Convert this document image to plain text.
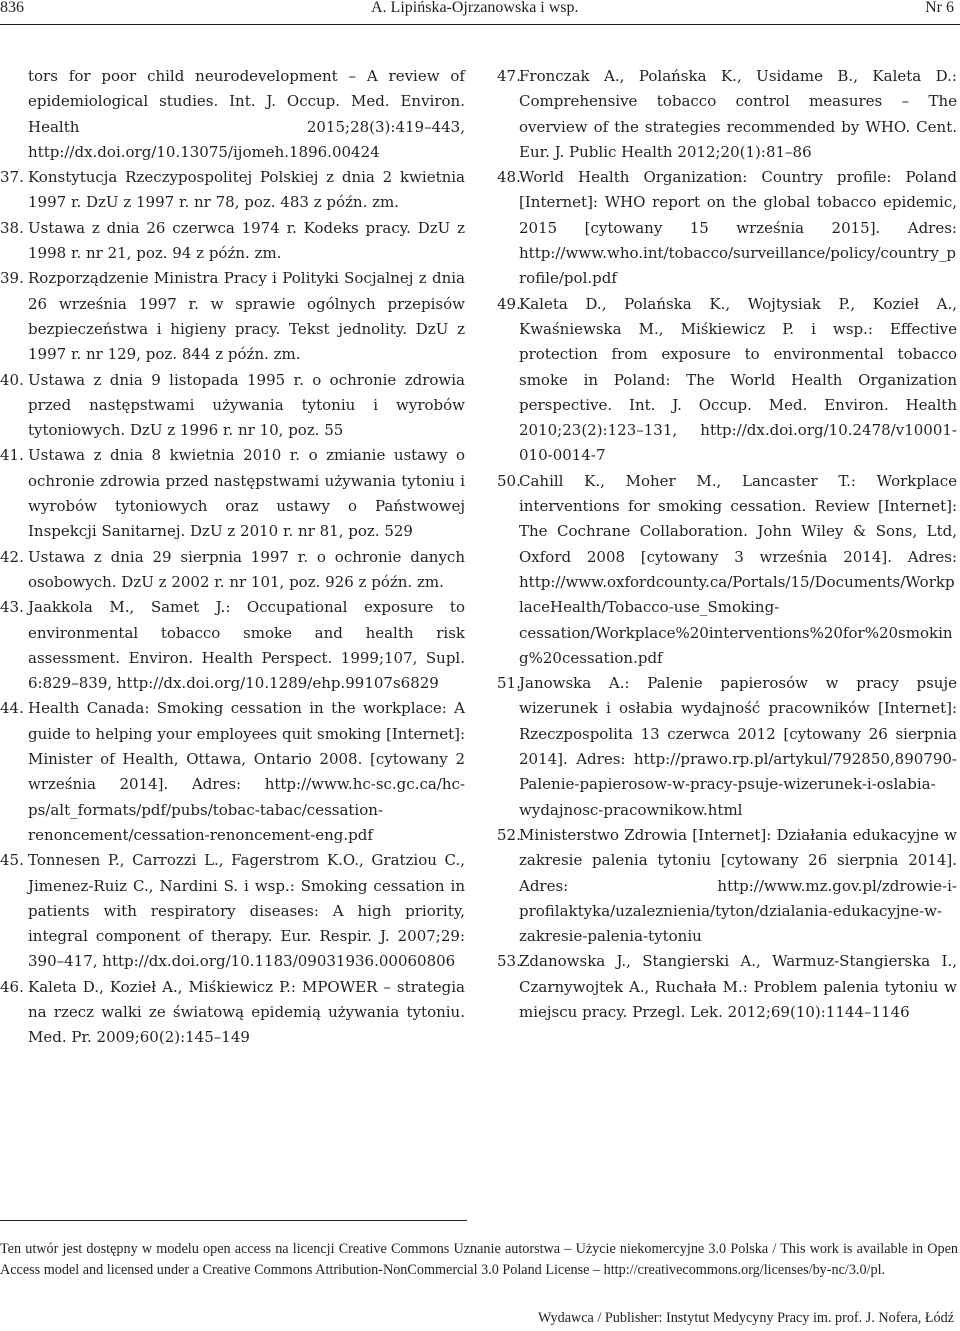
836	A. Lipińska-Ojrzanowska i wsp.	Nr 6

tors for poor child neurodevelopment – A review of epidemiological studies. Int. J. Occup. Med. Environ. Health 2015;28(3):419–443, http://dx.doi.org/10.13075/ijomeh.1896.00424

37. Konstytucja Rzeczypospolitej Polskiej z dnia 2 kwietnia 1997 r. DzU z 1997 r. nr 78, poz. 483 z późn. zm.

38. Ustawa z dnia 26 czerwca 1974 r. Kodeks pracy. DzU z 1998 r. nr 21, poz. 94 z późn. zm.

39. Rozporządzenie Ministra Pracy i Polityki Socjalnej z dnia 26 września 1997 r. w sprawie ogólnych przepisów bezpieczeństwa i higieny pracy. Tekst jednolity. DzU z 1997 r. nr 129, poz. 844 z późn. zm.

40. Ustawa z dnia 9 listopada 1995 r. o ochronie zdrowia przed następstwami używania tytoniu i wyrobów tytoniowych. DzU z 1996 r. nr 10, poz. 55

41. Ustawa z dnia 8 kwietnia 2010 r. o zmianie ustawy o ochronie zdrowia przed następstwami używania tytoniu i wyrobów tytoniowych oraz ustawy o Państwowej Inspekcji Sanitarnej. DzU z 2010 r. nr 81, poz. 529

42. Ustawa z dnia 29 sierpnia 1997 r. o ochronie danych osobowych. DzU z 2002 r. nr 101, poz. 926 z późn. zm.

43. Jaakkola M., Samet J.: Occupational exposure to environmental tobacco smoke and health risk assessment. Environ. Health Perspect. 1999;107, Supl. 6:829–839, http://dx.doi.org/10.1289/ehp.99107s6829

44. Health Canada: Smoking cessation in the workplace: A guide to helping your employees quit smoking [Internet]: Minister of Health, Ottawa, Ontario 2008. [cytowany 2 września 2014]. Adres: http://www.hc-sc.gc.ca/hc-ps/alt_formats/pdf/pubs/tobac-tabac/cessation-renoncement/cessation-renoncement-eng.pdf

45. Tonnesen P., Carrozzi L., Fagerstrom K.O., Gratziou C., Jimenez-Ruiz C., Nardini S. i wsp.: Smoking cessation in patients with respiratory diseases: A high priority, integral component of therapy. Eur. Respir. J. 2007;29: 390–417, http://dx.doi.org/10.1183/09031936.00060806

46. Kaleta D., Kozieł A., Miśkiewicz P.: MPOWER – strategia na rzecz walki ze światową epidemią używania tytoniu. Med. Pr. 2009;60(2):145–149

47.
Fronczak A., Polańska K., Usidame B., Kaleta D.: Comprehensive tobacco control measures – The overview of the strategies recommended by WHO. Cent. Eur. J. Public Health 2012;20(1):81–86

48.
World Health Organization: Country profile: Poland [Internet]: WHO report on the global tobacco epidemic, 2015 [cytowany 15 września 2015]. Adres: http://www.who.int/tobacco/surveillance/policy/country_profile/pol.pdf

49.
Kaleta D., Polańska K., Wojtysiak P., Kozieł A., Kwaśniewska M., Miśkiewicz P. i wsp.: Effective protection from exposure to environmental tobacco smoke in Poland: The World Health Organization perspective. Int. J. Occup. Med. Environ. Health 2010;23(2):123–131, http://dx.doi.org/10.2478/v10001-010-0014-7

50.
Cahill K., Moher M., Lancaster T.: Workplace interventions for smoking cessation. Review [Internet]: The Cochrane Collaboration. John Wiley & Sons, Ltd, Oxford 2008 [cytowany 3 września 2014]. Adres: http://www.oxfordcounty.ca/Portals/15/Documents/WorkplaceHealth/Tobacco-use_Smoking-cessation/Workplace%20interventions%20for%20smoking%20cessation.pdf

51.
Janowska A.: Palenie papierosów w pracy psuje wizerunek i osłabia wydajność pracowników [Internet]: Rzeczpospolita 13 czerwca 2012 [cytowany 26 sierpnia 2014]. Adres: http://prawo.rp.pl/artykul/792850,890790-Palenie-papierosow-w-pracy-psuje-wizerunek-i-oslabia-wydajnosc-pracownikow.html

52.
Ministerstwo Zdrowia [Internet]: Działania edukacyjne w zakresie palenia tytoniu [cytowany 26 sierpnia 2014]. Adres: http://www.mz.gov.pl/zdrowie-i-profilaktyka/uzaleznienia/tyton/dzialania-edukacyjne-w-zakresie-palenia-tytoniu

53.
Zdanowska J., Stangierski A., Warmuz-Stangierska I., Czarnywojtek A., Ruchała M.: Problem palenia tytoniu w miejscu pracy. Przegl. Lek. 2012;69(10):1144–1146

Ten utwór jest dostępny w modelu open access na licencji Creative Commons Uznanie autorstwa – Użycie niekomercyjne 3.0 Polska / This work is available in Open Access model and licensed under a Creative Commons Attribution-NonCommercial 3.0 Poland License – http://creativecommons.org/licenses/by-nc/3.0/pl.
Wydawca / Publisher: Instytut Medycyny Pracy im. prof. J. Nofera, Łódź
